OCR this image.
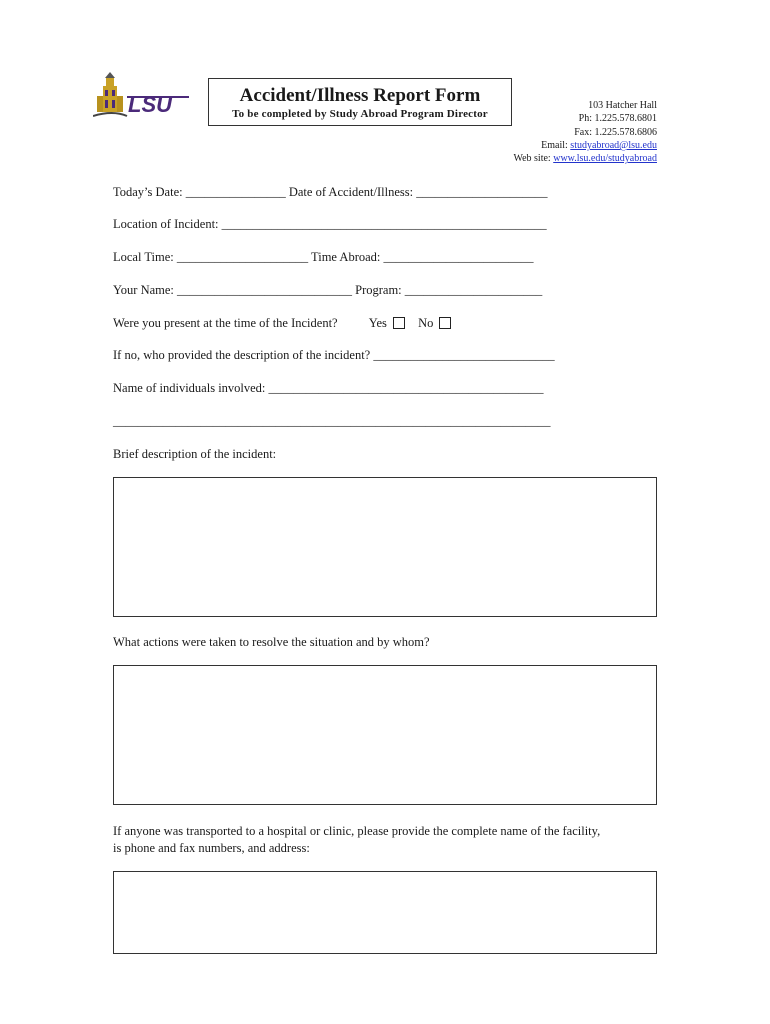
LSU	Accident/Illness Report Form
To be completed by Study Abroad Program Director
103 Hatcher Hall
Ph: 1.225.578.6801
Fax: 1.225.578.6806
Email: studyabroad@lsu.edu
Web site: www.lsu.edu/studyabroad
Today’s Date: ________________ Date of Accident/Illness: _____________________
Location of Incident: ____________________________________________________
Local Time: _____________________ Time Abroad: ________________________
Your Name: ____________________________ Program: ______________________
Were you present at the time of the Incident? Yes No
If no, who provided the description of the incident? _____________________________
Name of individuals involved: ____________________________________________
______________________________________________________________________
Brief description of the incident:
What actions were taken to resolve the situation and by whom?
If anyone was transported to a hospital or clinic, please provide the complete name of the facility,
is phone and fax numbers, and address:
